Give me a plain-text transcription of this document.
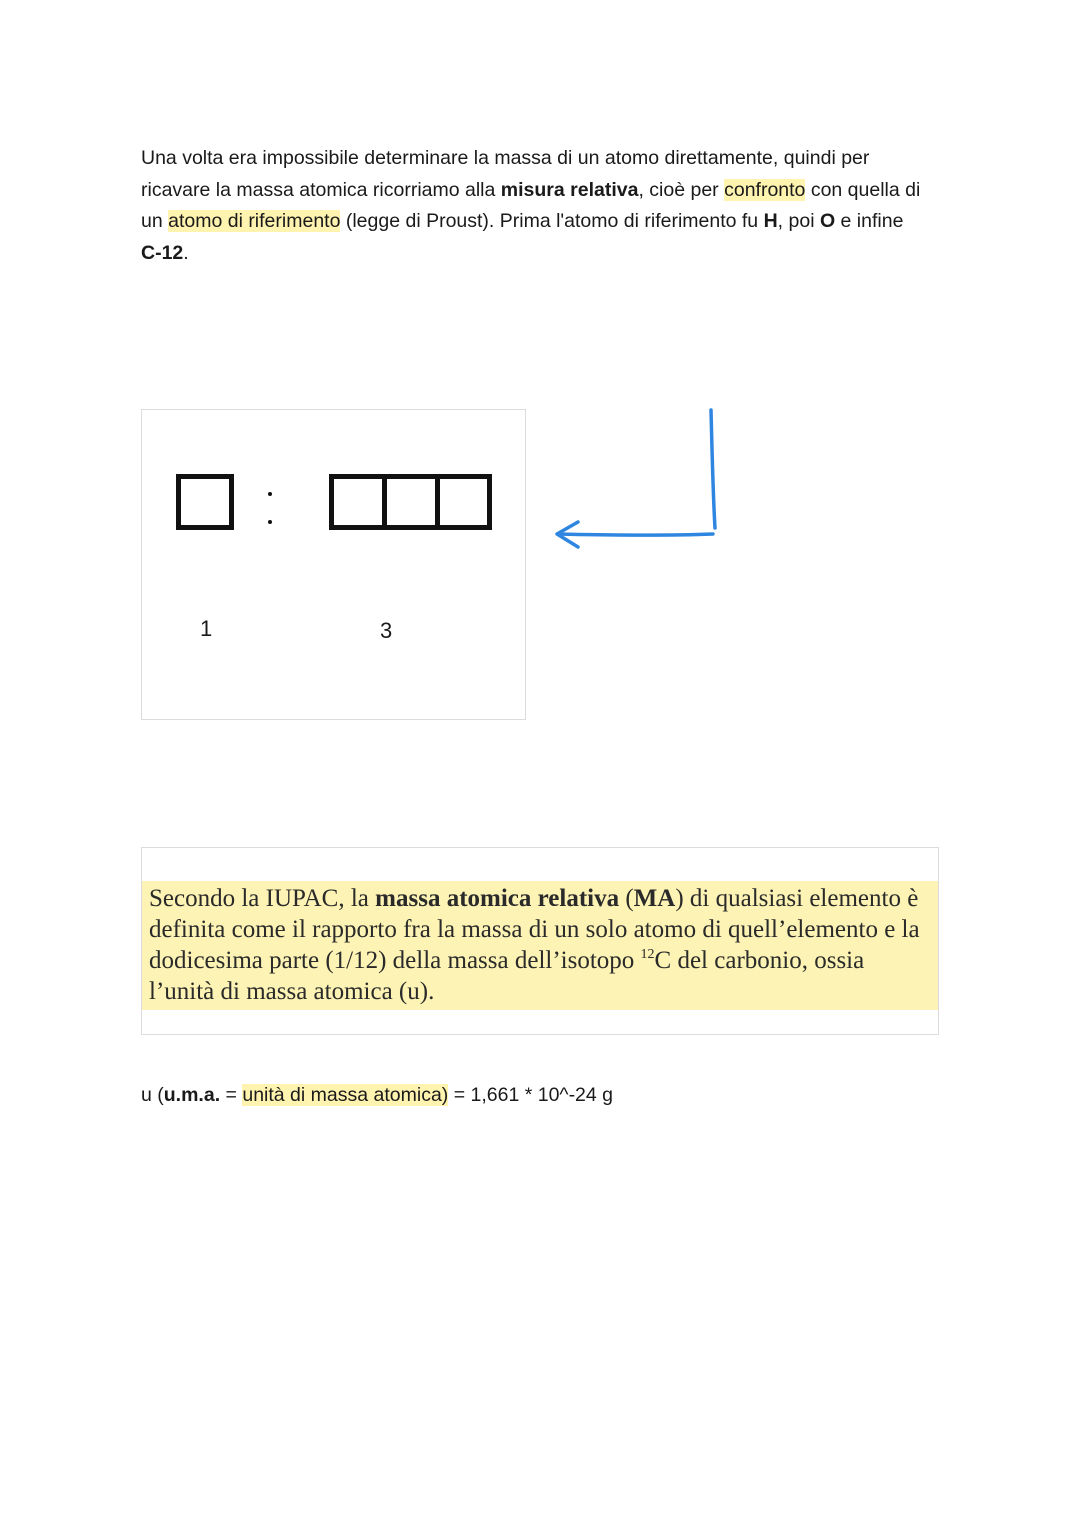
Una volta era impossibile determinare la massa di un atomo direttamente, quindi per ricavare la massa atomica ricorriamo alla misura relativa, cioè per confronto con quella di un atomo di riferimento (legge di Proust). Prima l'atomo di riferimento fu H, poi O e infine
C-12.
1	3
Secondo la IUPAC, la massa atomica relativa (MA) di qualsiasi elemento è definita come il rapporto fra la massa di un solo atomo di quell’elemento e la dodicesima parte (1/12) della massa dell’isotopo $^{12}$C del carbonio, ossia l’unità di massa atomica (u).
u (u.m.a. = unità di massa atomica) = 1,661 * 10^-24 g
